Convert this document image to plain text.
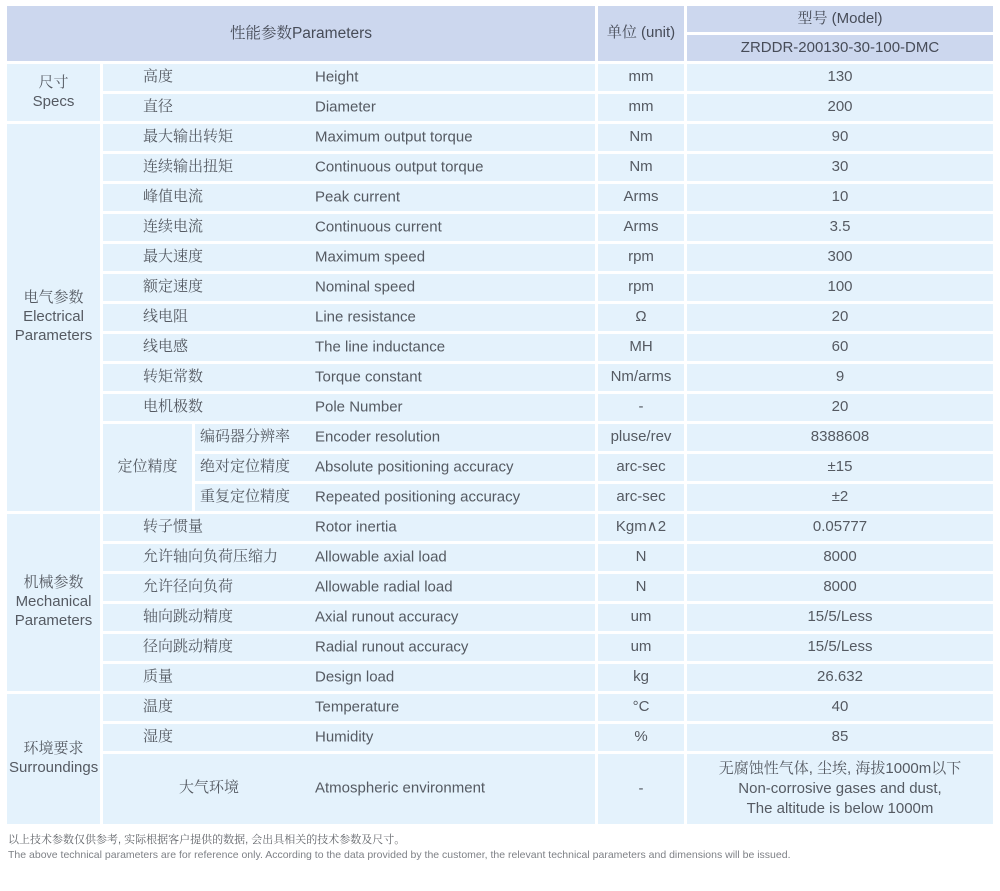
性能参数Parameters			单位 (unit)	型号 (Model)
				ZRDDR-200130-30-100-DMC

尺寸
Specs	高度 Height		mm	130
	直径 Diameter		mm	200

电气参数
Electrical Parameters	最大输出转矩 Maximum output torque		Nm	90
	连续输出扭矩 Continuous output torque		Nm	30
	峰值电流 Peak current		Arms	10
	连续电流 Continuous current		Arms	3.5
	最大速度 Maximum speed		rpm	300
	额定速度 Nominal speed		rpm	100
	线电阻 Line resistance		Ω	20
	线电感 The line inductance		MH	60
	转矩常数 Torque constant		Nm/arms	9
	电机极数 Pole Number		-	20
	定位精度	编码器分辨率 Encoder resolution	pluse/rev	8388608
		绝对定位精度 Absolute positioning accuracy	arc-sec	±15
		重复定位精度 Repeated positioning accuracy	arc-sec	±2

机械参数
Mechanical Parameters	转子惯量 Rotor inertia		Kgm∧2	0.05777
	允许轴向负荷压缩力 Allowable axial load		N	8000
	允许径向负荷 Allowable radial load		N	8000
	轴向跳动精度 Axial runout accuracy		um	15/5/Less
	径向跳动精度 Radial runout accuracy		um	15/5/Less
	质量 Design load		kg	26.632

环境要求
Surroundings	温度 Temperature		°C	40
	湿度 Humidity		%	85
	大气环境 Atmospheric environment		-	无腐蚀性气体, 尘埃, 海拔1000m以下
Non-corrosive gases and dust,
The altitude is below 1000m
以上技术参数仅供参考, 实际根据客户提供的数据, 会出具相关的技术参数及尺寸。
The above technical parameters are for reference only. According to the data provided by the customer, the relevant technical parameters and dimensions will be issued.
